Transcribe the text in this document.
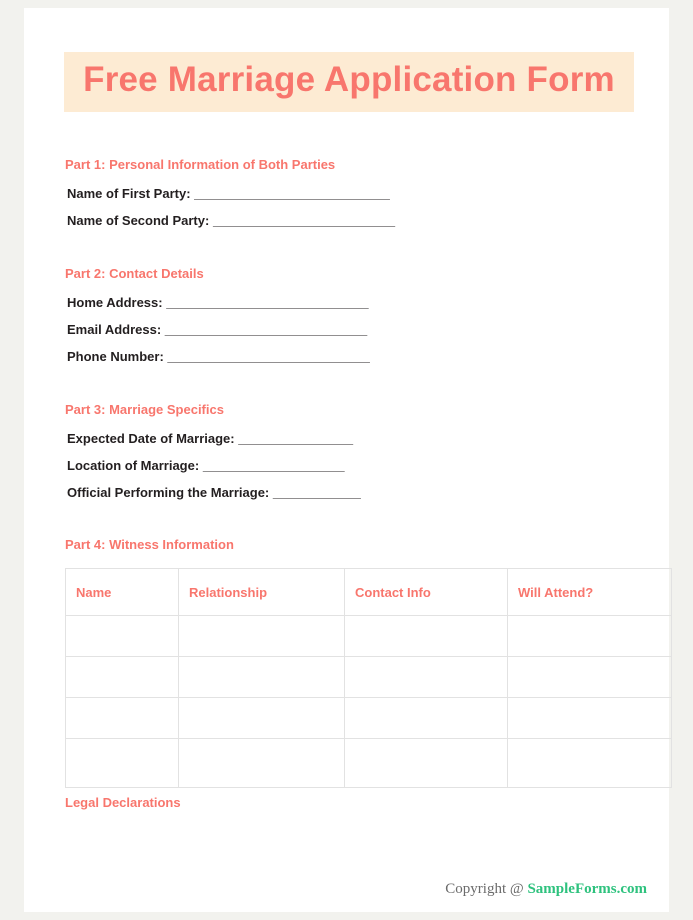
Free Marriage Application Form
Part 1: Personal Information of Both Parties
Name of First Party: _____________________________
Name of Second Party: ___________________________
Part 2: Contact Details
Home Address: ______________________________
Email Address: ______________________________
Phone Number: ______________________________
Part 3: Marriage Specifics
Expected Date of Marriage: _________________
Location of Marriage: _____________________
Official Performing the Marriage: _____________
Part 4: Witness Information
Name	Relationship	Contact Info	Will Attend?

Legal Declarations
Copyright @ SampleForms.com
